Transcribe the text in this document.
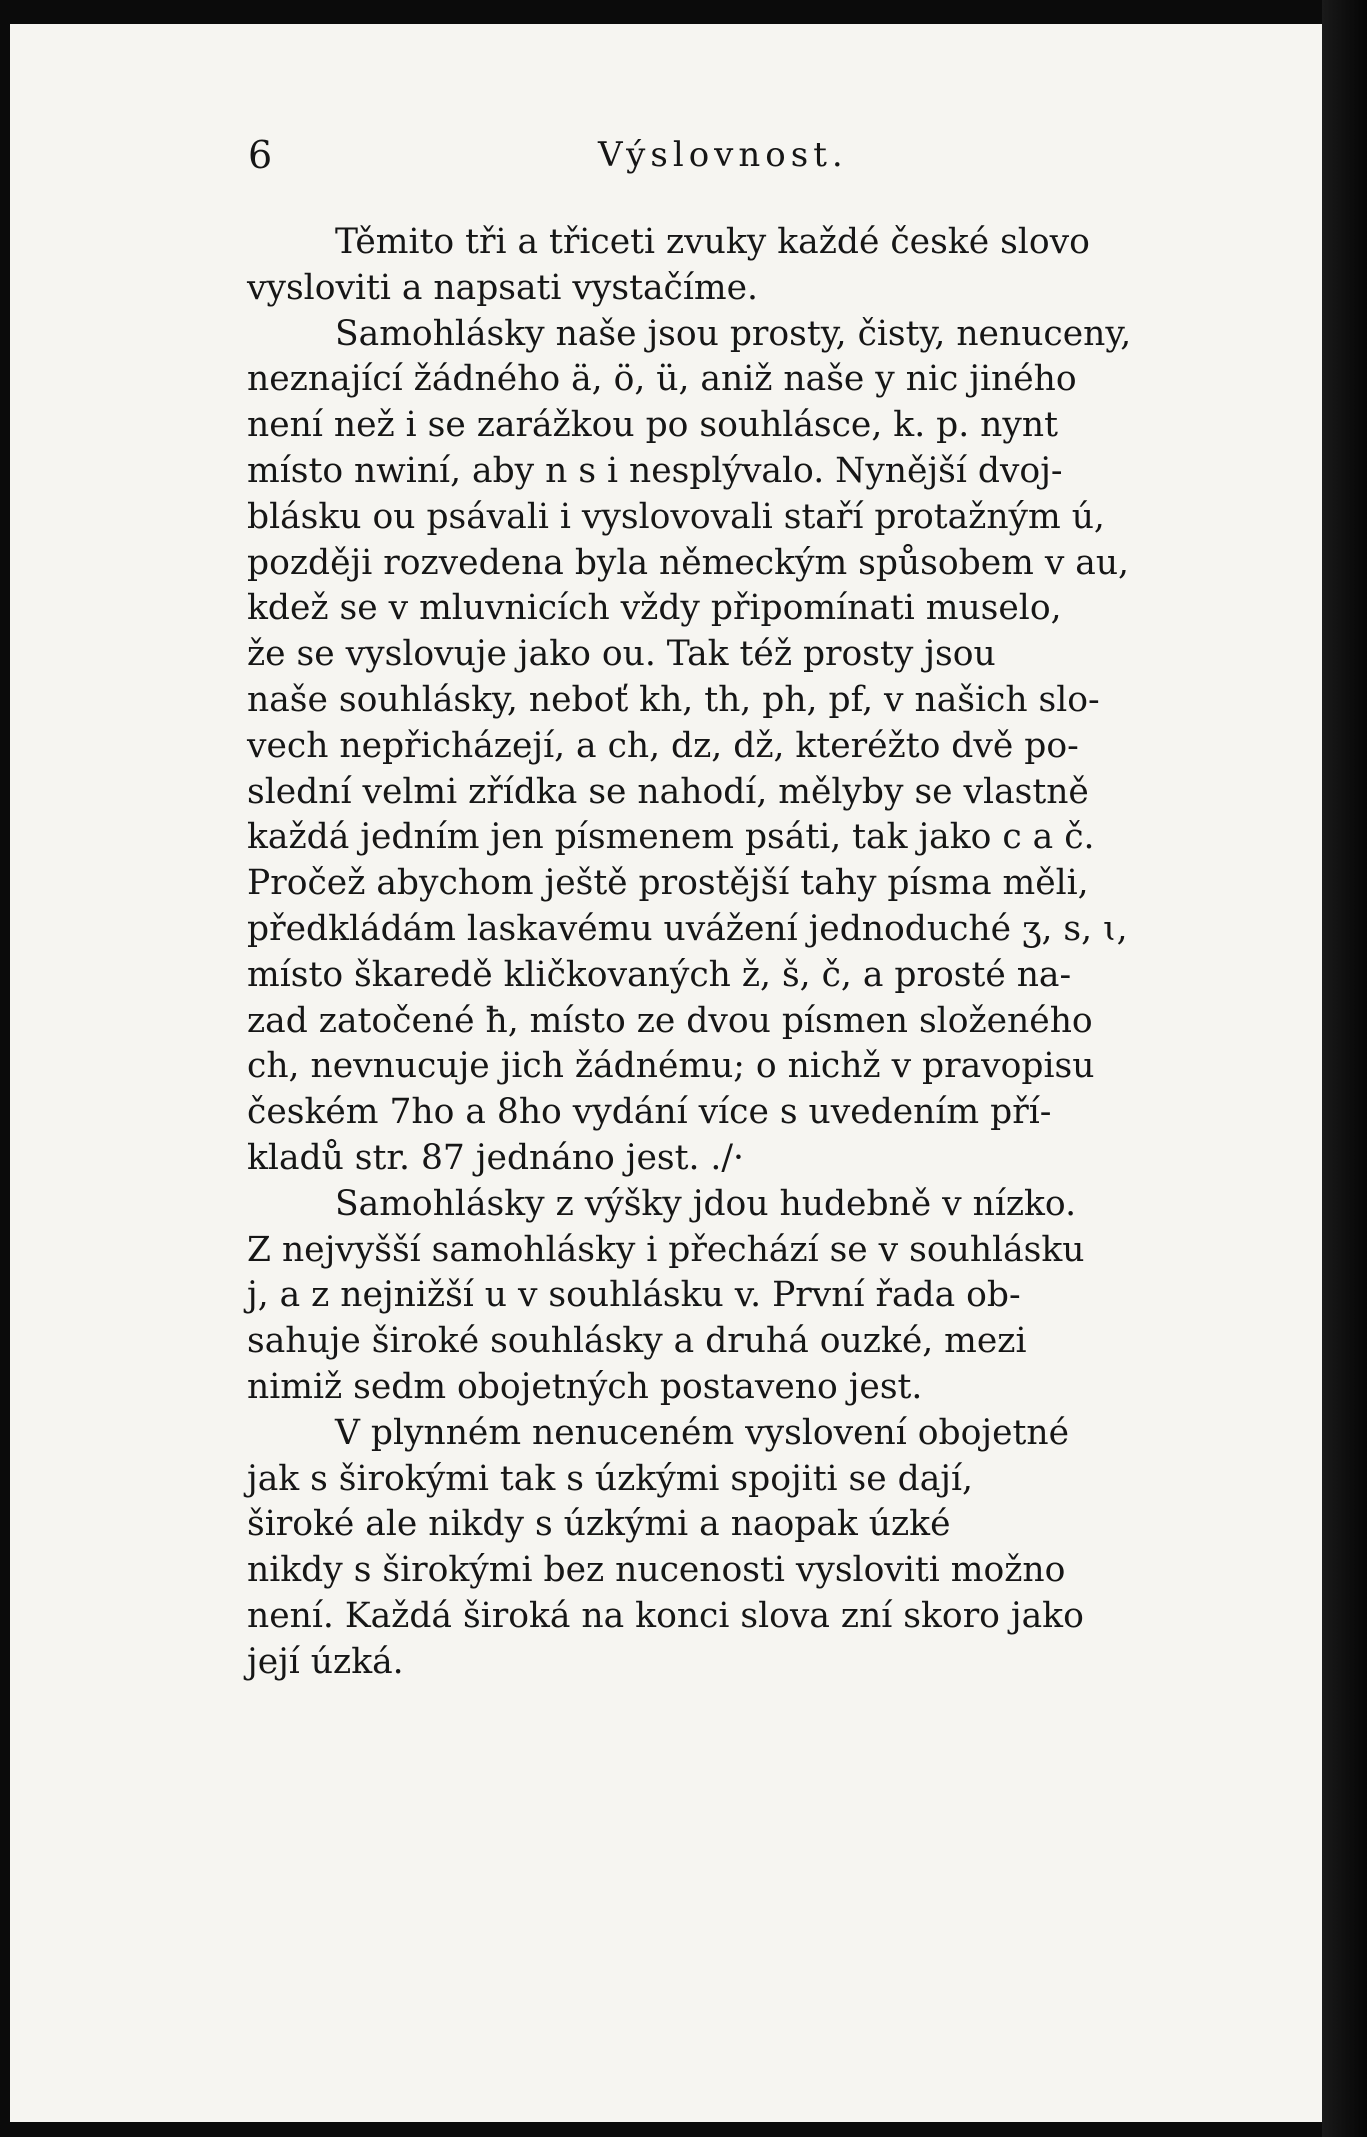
6	Výslovnost.

Těmito tři a třiceti zvuky každé české slovo
vysloviti a napsati vystačíme.

Samohlásky naše jsou prosty, čisty, nenuceny,
neznající žádného ä, ö, ü, aniž naše y nic jiného
není než i se zarážkou po souhlásce, k. p. nynt
místo nwiní, aby n s i nesplývalo. Nynější dvoj-
blásku ou psávali i vyslovovali staří protažným ú,
později rozvedena byla německým spůsobem v au,
kdež se v mluvnicích vždy připomínati muselo,
že se vyslovuje jako ou. Tak též prosty jsou
naše souhlásky, neboť kh, th, ph, pf, v našich slo-
vech nepřicházejí, a ch, dz, dž, kteréžto dvě po-
slední velmi zřídka se nahodí, mělyby se vlastně
každá jedním jen písmenem psáti, tak jako c a č.
Pročež abychom ještě prostější tahy písma měli,
předkládám laskavému uvážení jednoduché ʒ, ѕ, ɩ,
místo škaredě kličkovaných ž, š, č, a prosté na-
zad zatočené ħ, místo ze dvou písmen složeného
ch, nevnucuje jich žádnému; o nichž v pravopisu
českém 7ho a 8ho vydání více s uvedením pří-
kladů str. 87 jednáno jest. ./·

Samohlásky z výšky jdou hudebně v nízko.
Z nejvyšší samohlásky i přechází se v souhlásku
j, a z nejnižší u v souhlásku v. První řada ob-
sahuje široké souhlásky a druhá ouzké, mezi
nimiž sedm obojetných postaveno jest.

V plynném nenuceném vyslovení obojetné
jak s širokými tak s úzkými spojiti se dají,
široké ale nikdy s úzkými a naopak úzké
nikdy s širokými bez nucenosti vysloviti možno
není. Každá široká na konci slova zní skoro jako
její úzká.
